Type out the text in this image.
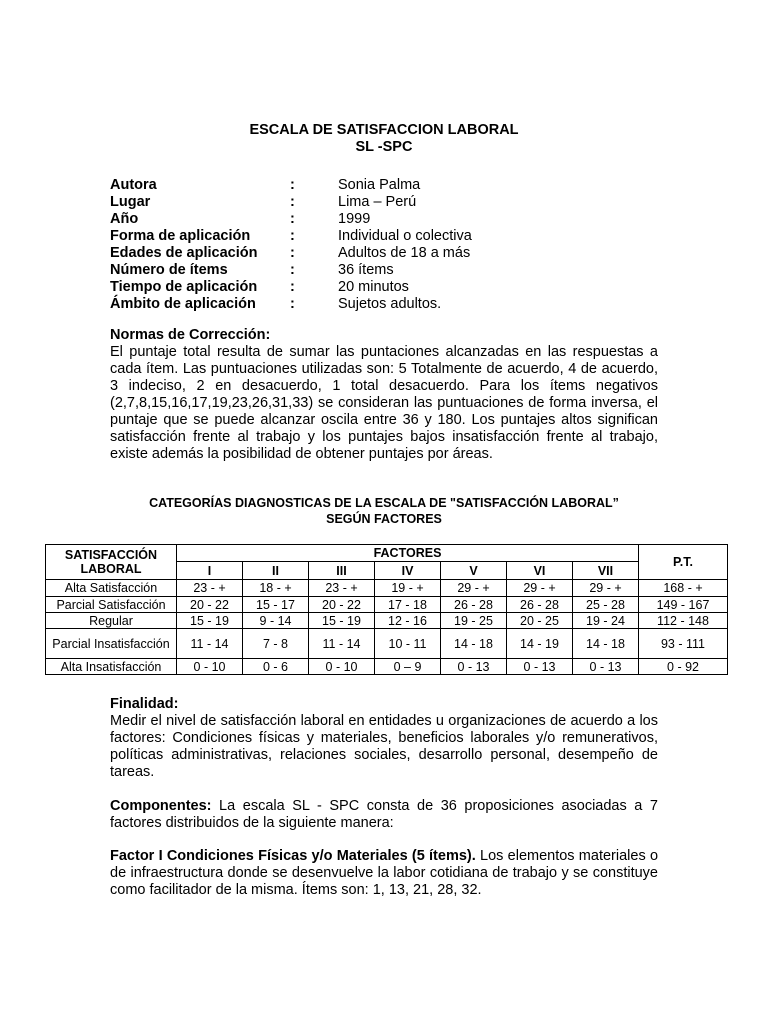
ESCALA DE SATISFACCION LABORAL
SL -SPC
Autora	:	Sonia Palma
Lugar	:	Lima – Perú
Año	:	1999
Forma de aplicación	:	Individual o colectiva
Edades de aplicación :	Adultos de 18 a más
Número de ítems	:	36 ítems
Tiempo de aplicación :	20 minutos
Ámbito de aplicación :	Sujetos adultos.
Normas de Corrección:
El puntaje total resulta de sumar las puntaciones alcanzadas en las respuestas a cada ítem. Las puntuaciones utilizadas son: 5 Totalmente de acuerdo, 4 de acuerdo, 3 indeciso, 2 en desacuerdo, 1 total desacuerdo. Para los ítems negativos (2,7,8,15,16,17,19,23,26,31,33) se consideran las puntuaciones de forma inversa, el puntaje que se puede alcanzar oscila entre 36 y 180. Los puntajes altos significan satisfacción frente al trabajo y los puntajes bajos insatisfacción frente al trabajo, existe además la posibilidad de obtener puntajes por áreas.
CATEGORÍAS DIAGNOSTICAS DE LA ESCALA DE "SATISFACCIÓN LABORAL”
SEGÚN FACTORES
SATISFACCIÓN LABORAL	FACTORES							P.T.
	I	II	III	IV	V	VI	VII	
Alta Satisfacción	23 - +	18 - +	23 - +	19 - +	29 - +	29 - +	29 - +	168 - +
Parcial Satisfacción	20 - 22	15 - 17	20 - 22	17 - 18	26 - 28	26 - 28	25 - 28	149 - 167
Regular	15 - 19	9 - 14	15 - 19	12 - 16	19 - 25	20 - 25	19 - 24	112 - 148
Parcial Insatisfacción	11 - 14	7 - 8	11 - 14	10 - 11	14 - 18	14 - 19	14 - 18	93 - 111
Alta Insatisfacción	0 - 10	0 - 6	0 - 10	0 – 9	0 - 13	0 - 13	0 - 13	0 - 92
Finalidad:
Medir el nivel de satisfacción laboral en entidades u organizaciones de acuerdo a los factores: Condiciones físicas y materiales, beneficios laborales y/o remunerativos, políticas administrativas, relaciones sociales, desarrollo personal, desempeño de tareas.
Componentes: La escala SL - SPC consta de 36 proposiciones asociadas a 7 factores distribuidos de la siguiente manera:
Factor I Condiciones Físicas y/o Materiales (5 ítems). Los elementos materiales o de infraestructura donde se desenvuelve la labor cotidiana de trabajo y se constituye como facilitador de la misma. Ítems son: 1, 13, 21, 28, 32.
